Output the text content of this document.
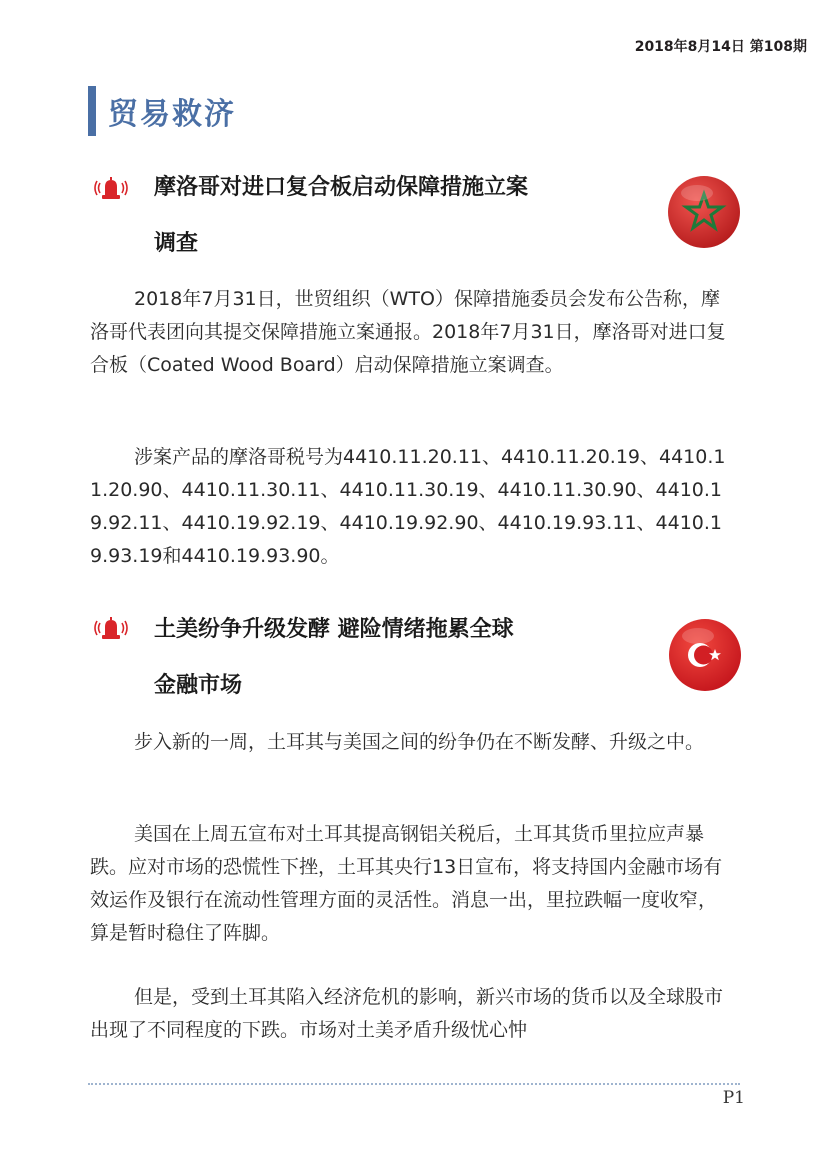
2018年8月14日 第108期
贸易救济
摩洛哥对进口复合板启动保障措施立案
调查

2018年7月31日，世贸组织（WTO）保障措施委员会发布公告称，摩洛哥代表团向其提交保障措施立案通报。2018年7月31日，摩洛哥对进口复合板（Coated Wood Board）启动保障措施立案调查。

涉案产品的摩洛哥税号为4410.11.20.11、4410.11.20.19、4410.11.20.90、4410.11.30.11、4410.11.30.19、4410.11.30.90、4410.19.92.11、4410.19.92.19、4410.19.92.90、4410.19.93.11、4410.19.93.19和4410.19.93.90。

土美纷争升级发酵 避险情绪拖累全球
金融市场

步入新的一周，土耳其与美国之间的纷争仍在不断发酵、升级之中。

美国在上周五宣布对土耳其提高钢铝关税后，土耳其货币里拉应声暴跌。应对市场的恐慌性下挫，土耳其央行13日宣布，将支持国内金融市场有效运作及银行在流动性管理方面的灵活性。消息一出，里拉跌幅一度收窄，算是暂时稳住了阵脚。

但是，受到土耳其陷入经济危机的影响，新兴市场的货币以及全球股市出现了不同程度的下跌。市场对土美矛盾升级忧心忡

P1
